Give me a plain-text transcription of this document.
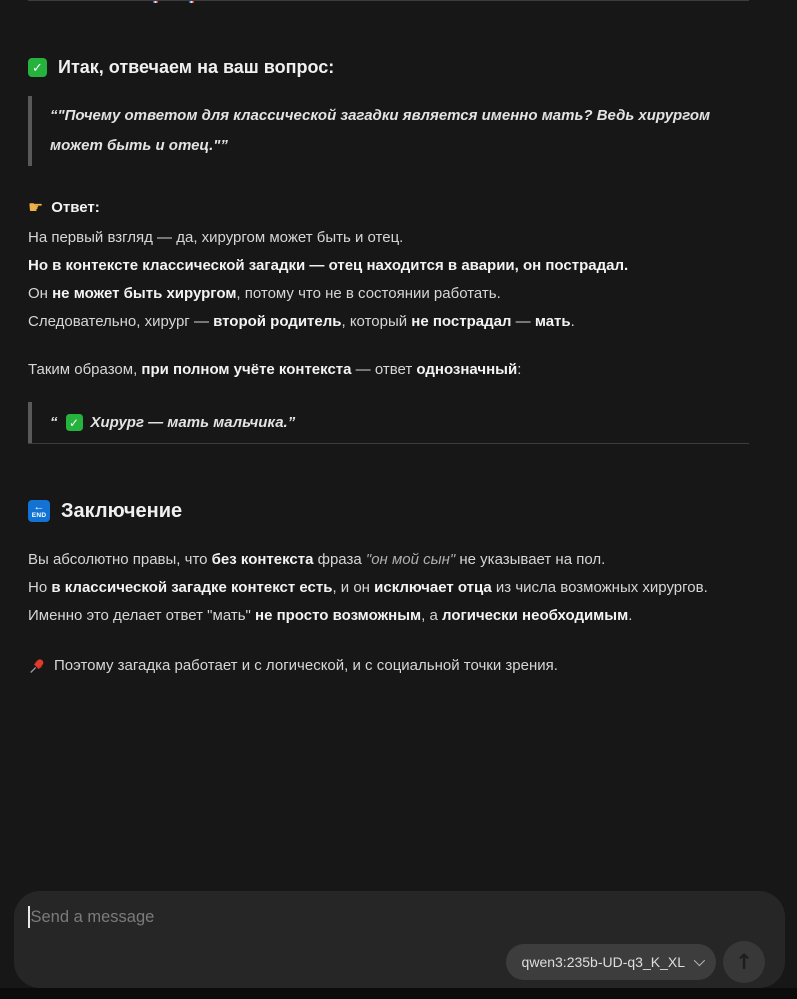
✓ Итак, отвечаем на ваш вопрос:
“"Почему ответом для классической загадки является именно мать? Ведь хирургом может быть и отец."”
☛ Ответ:
На первый взгляд — да, хирургом может быть и отец.
Но в контексте классической загадки — отец находится в аварии, он пострадал.
Он не может быть хирургом, потому что не в состоянии работать.
Следовательно, хирург — второй родитель, который не пострадал — мать.
Таким образом, при полном учёте контекста — ответ однозначный:
“ ✓ Хирург — мать мальчика.”
←
END Заключение
Вы абсолютно правы, что без контекста фраза "он мой сын" не указывает на пол.
Но в классической загадке контекст есть, и он исключает отца из числа возможных хирургов.
Именно это делает ответ "мать" не просто возможным, а логически необходимым.
Поэтому загадка работает и с логической, и с социальной точки зрения.
Send a message
qwen3:235b-UD-q3_K_XL ↑
